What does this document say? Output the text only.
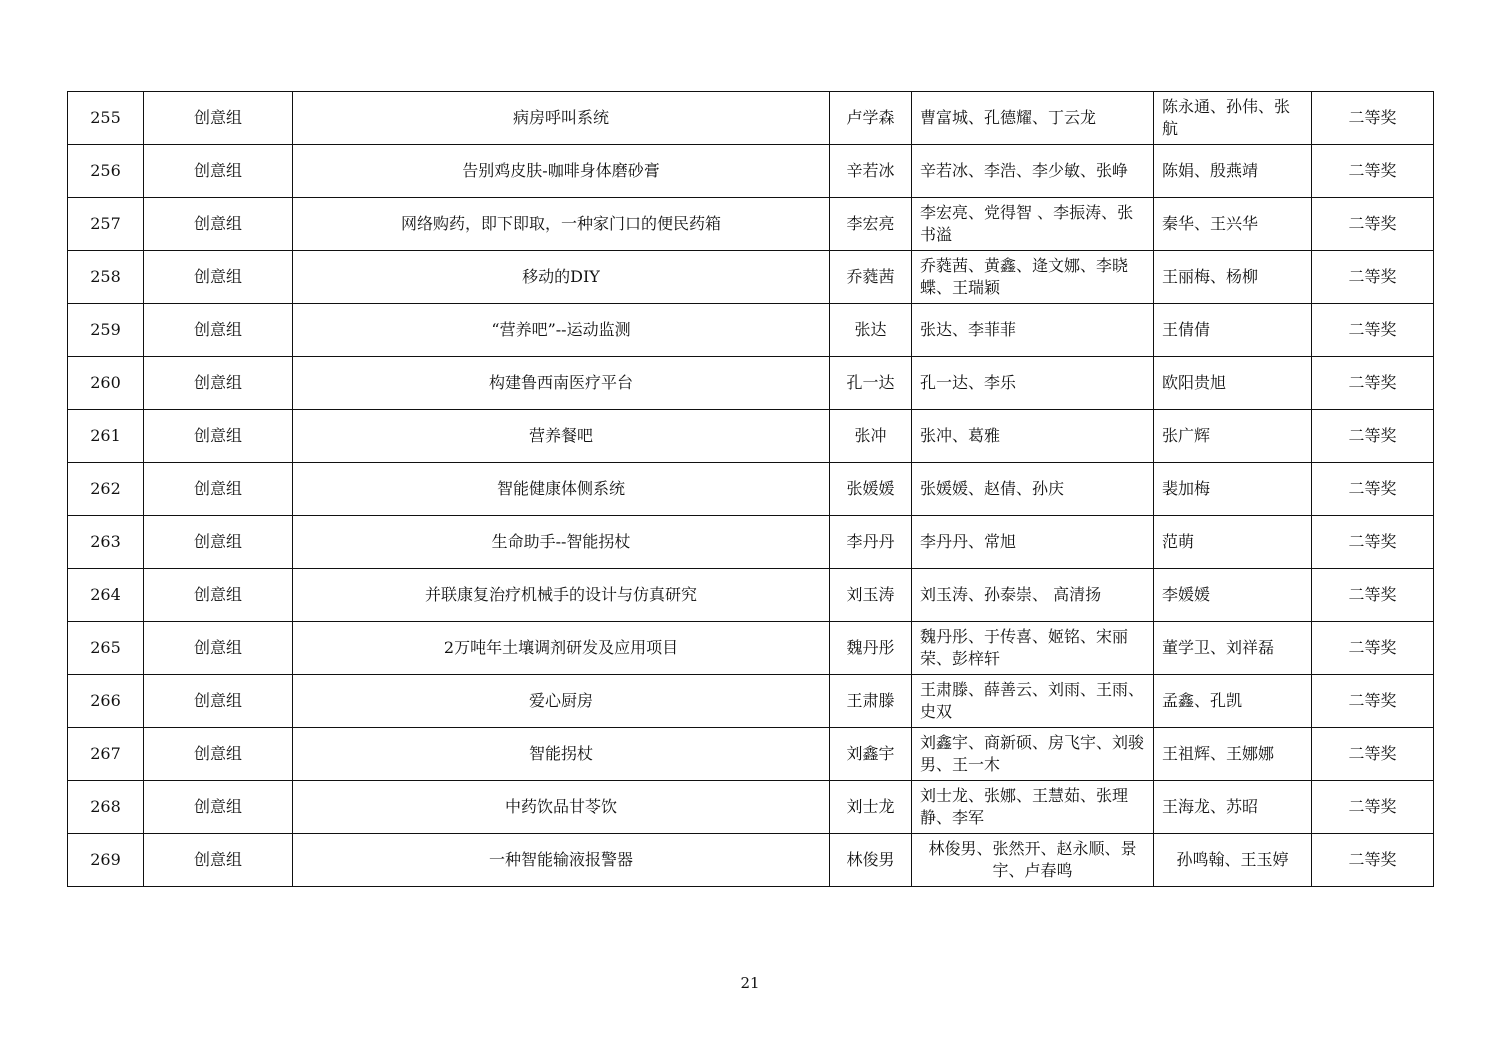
255	创意组	病房呼叫系统	卢学森	曹富城、孔德耀、丁云龙	陈永通、孙伟、张航	二等奖
256	创意组	告别鸡皮肤-咖啡身体磨砂膏	辛若冰	辛若冰、李浩、李少敏、张峥	陈娟、殷燕靖	二等奖
257	创意组	网络购药，即下即取，一种家门口的便民药箱	李宏亮	李宏亮、党得智 、李振涛、张书溢	秦华、王兴华	二等奖
258	创意组	移动的DIY	乔蕤茜	乔蕤茜、黄鑫、逄文娜、李晓蝶、王瑞颖	王丽梅、杨柳	二等奖
259	创意组	“营养吧”--运动监测	张达	张达、李菲菲	王倩倩	二等奖
260	创意组	构建鲁西南医疗平台	孔一达	孔一达、李乐	欧阳贵旭	二等奖
261	创意组	营养餐吧	张冲	张冲、葛雅	张广辉	二等奖
262	创意组	智能健康体侧系统	张媛媛	张媛媛、赵倩、孙庆	裴加梅	二等奖
263	创意组	生命助手--智能拐杖	李丹丹	李丹丹、常旭	范萌	二等奖
264	创意组	并联康复治疗机械手的设计与仿真研究	刘玉涛	刘玉涛、孙泰崇、 高清扬	李媛媛	二等奖
265	创意组	2万吨年土壤调剂研发及应用项目	魏丹彤	魏丹彤、于传喜、姬铭、宋丽荣、彭梓轩	董学卫、刘祥磊	二等奖
266	创意组	爱心厨房	王肃滕	王肃滕、薛善云、刘雨、王雨、史双	孟鑫、孔凯	二等奖
267	创意组	智能拐杖	刘鑫宇	刘鑫宇、商新硕、房飞宇、刘骏男、王一木	王祖辉、王娜娜	二等奖
268	创意组	中药饮品甘苓饮	刘士龙	刘士龙、张娜、王慧茹、张理静、李军	王海龙、苏昭	二等奖
269	创意组	一种智能输液报警器	林俊男	林俊男、张然开、赵永顺、景宇、卢春鸣	孙鸣翰、王玉婷	二等奖
21
